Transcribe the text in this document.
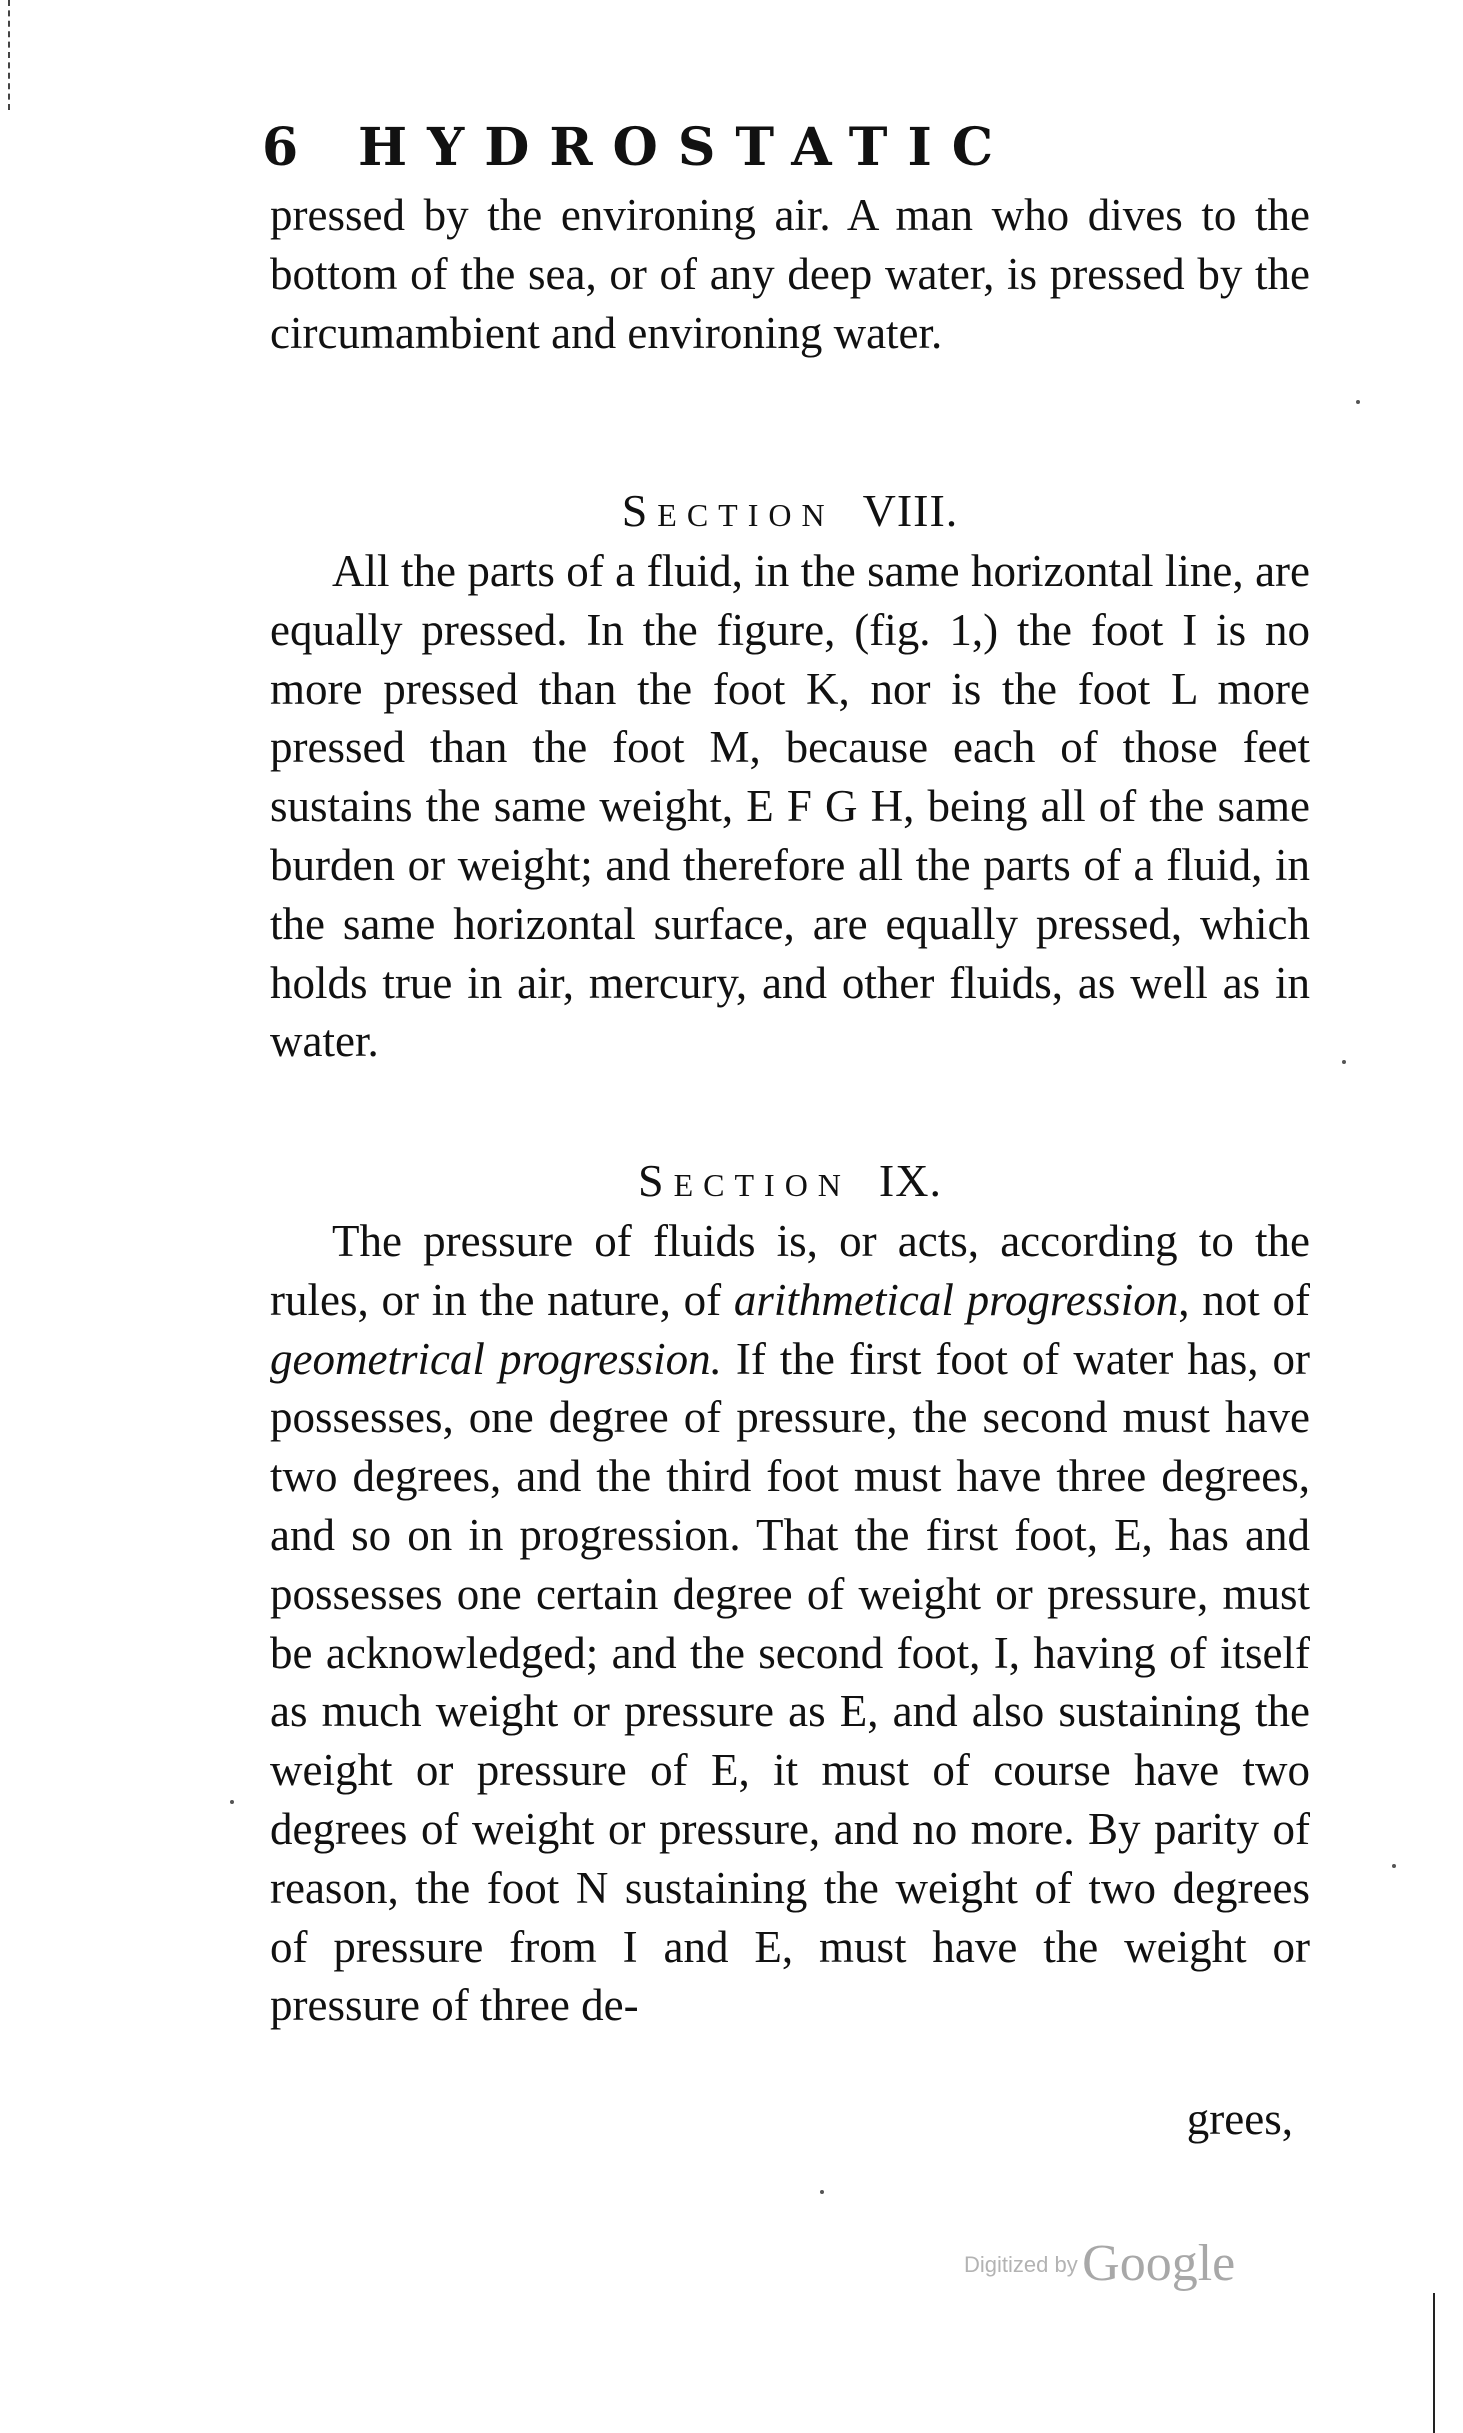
6 HYDROSTATIC

pressed by the environing air. A man who dives to the bottom of the sea, or of any deep water, is pressed by the circumambient and environing water.

Section VIII.

All the parts of a fluid, in the same horizontal line, are equally pressed. In the figure, (fig. 1,) the foot I is no more pressed than the foot K, nor is the foot L more pressed than the foot M, because each of those feet sustains the same weight, E F G H, being all of the same burden or weight; and therefore all the parts of a fluid, in the same horizontal surface, are equally pressed, which holds true in air, mercury, and other fluids, as well as in water.

Section IX.

The pressure of fluids is, or acts, according to the rules, or in the nature, of arithmetical progression, not of geometrical progression. If the first foot of water has, or possesses, one degree of pressure, the second must have two degrees, and the third foot must have three degrees, and so on in progression. That the first foot, E, has and possesses one certain degree of weight or pressure, must be acknowledged; and the second foot, I, having of itself as much weight or pressure as E, and also sustaining the weight or pressure of E, it must of course have two degrees of weight or pressure, and no more. By parity of reason, the foot N sustaining the weight of two degrees of pressure from I and E, must have the weight or pressure of three de-

grees,
Digitized by Google
